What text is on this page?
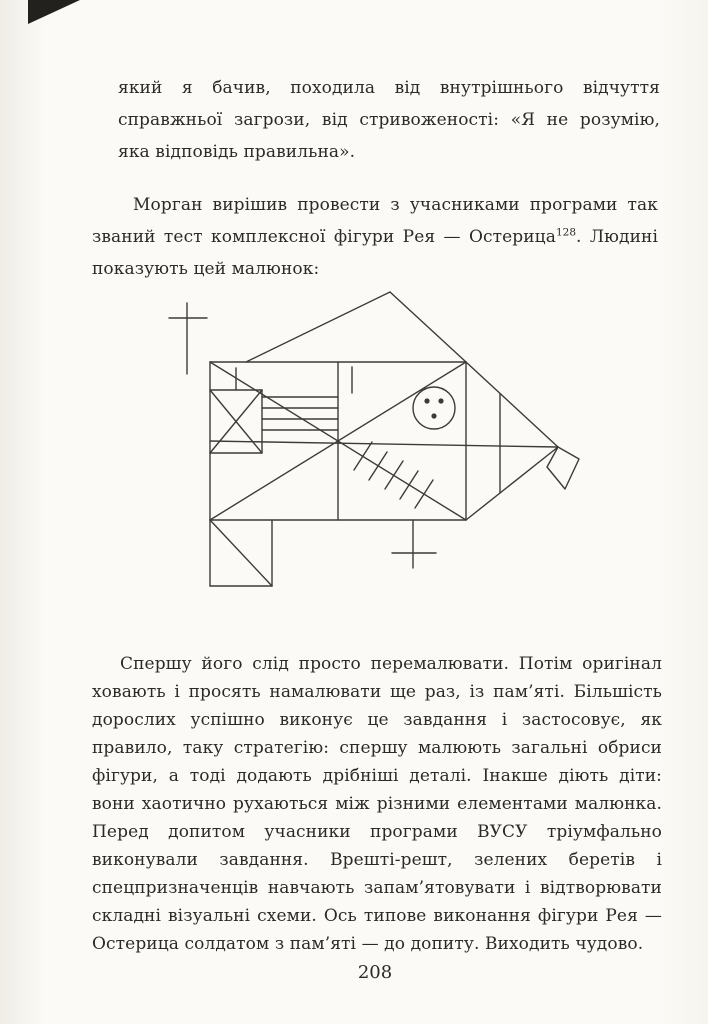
який я бачив, походила від внутрішнього відчуття справжньої загрози, від стривоженості: «Я не розумію, яка відповідь правильна».

Морган вирішив провести з учасниками програми так званий тест комплексної фігури Рея — Остерица$^{128}$. Людині показують цей малюнок:

Спершу його слід просто перемалювати. Потім оригінал ховають і просять намалювати ще раз, із пам’яті. Більшість дорослих успішно виконує це завдання і застосовує, як правило, таку стратегію: спершу малюють загальні обриси фігури, а тоді додають дрібніші деталі. Інакше діють діти: вони хаотично рухаються між різними елементами малюнка. Перед допитом учасники програми ВУСУ тріумфально виконували завдання. Врешті-решт, зелених беретів і спецпризначенців навчають запам’ятовувати і відтворювати складні візуальні схеми. Ось типове виконання фігури Рея — Остерица солдатом з пам’яті — до допиту. Виходить чудово.

208
